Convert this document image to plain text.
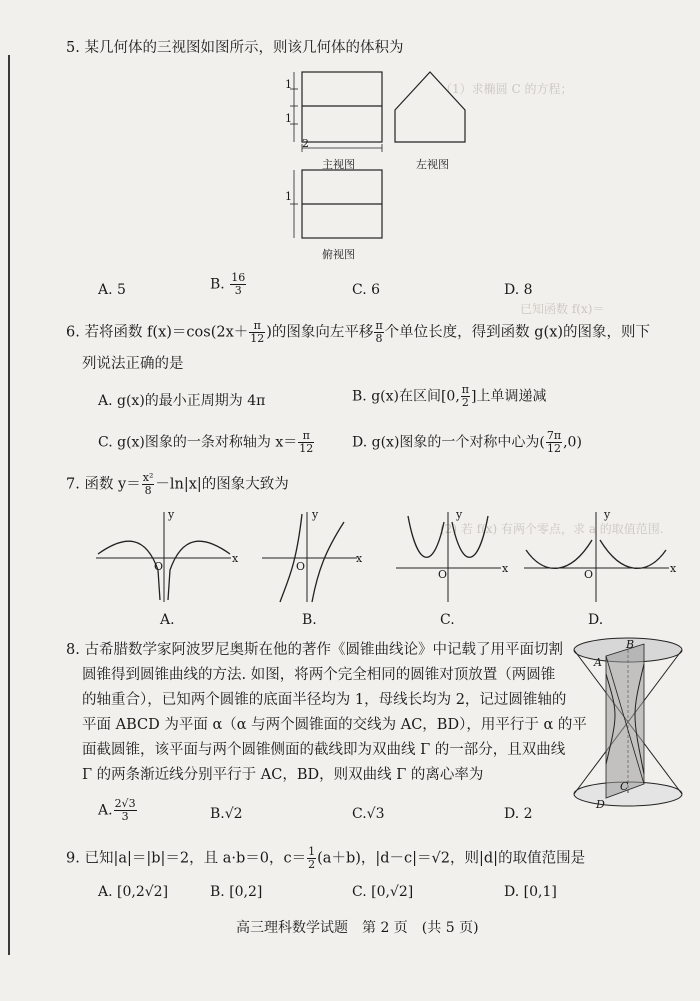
（1）求椭圆 C 的方程；
已知函数 f(x)＝
(2) 若 f(x) 有两个零点，求 a 的取值范围.
5. 某几何体的三视图如图所示，则该几何体的体积为
2
1
1
1
主视图	左视图
俯视图
A. 5	B. $\frac{16}{3}$	C. 6	D. 8
6. 若将函数 $f(x)=\cos(2x+ \frac{\pi}{12}$ )的图象向左平移 $\frac{\pi}{8}$ 个单位长度，得到函数 g(x)的图象，则下
列说法正确的是
A. g(x)的最小正周期为 4π	B. g(x)在区间[0, $\frac{\pi}{2}$ ]上单调递减
C. g(x)图象的一条对称轴为 $x= \frac{\pi}{12}$	D. g(x)图象的一个对称中心为( $\frac{7\pi}{12} ,0$)
7. 函数 $y= \frac{\text{x²}}{8} -\ln|x|$的图象大致为
y
x
O
A.
y
x
O
B.
y
x
O
C.
y
x
O
D.
8. 古希腊数学家阿波罗尼奥斯在他的著作《圆锥曲线论》中记载了用平面切割
圆锥得到圆锥曲线的方法. 如图，将两个完全相同的圆锥对顶放置（两圆锥
的轴重合），已知两个圆锥的底面半径均为 1，母线长均为 2，记过圆锥轴的
平面 ABCD 为平面 α（α 与两个圆锥面的交线为 AC，BD），用平行于 α 的平
面截圆锥，该平面与两个圆锥侧面的截线即为双曲线 Γ 的一部分，且双曲线
Γ 的两条渐近线分别平行于 AC，BD，则双曲线 Γ 的离心率为
A
B
C
D
A. $\frac{2√3}{3}$	B.√2	C.√3	D. 2
9. 已知|a|＝|b|＝2，且 a·b＝0，$c= \frac{1}{2} (a+b)$，|d－c|＝√2，则|d|的取值范围是
A. [0,2√2]	B. [0,2]	C. [0,√2]	D. [0,1]
高三理科数学试题　第 2 页　(共 5 页)
